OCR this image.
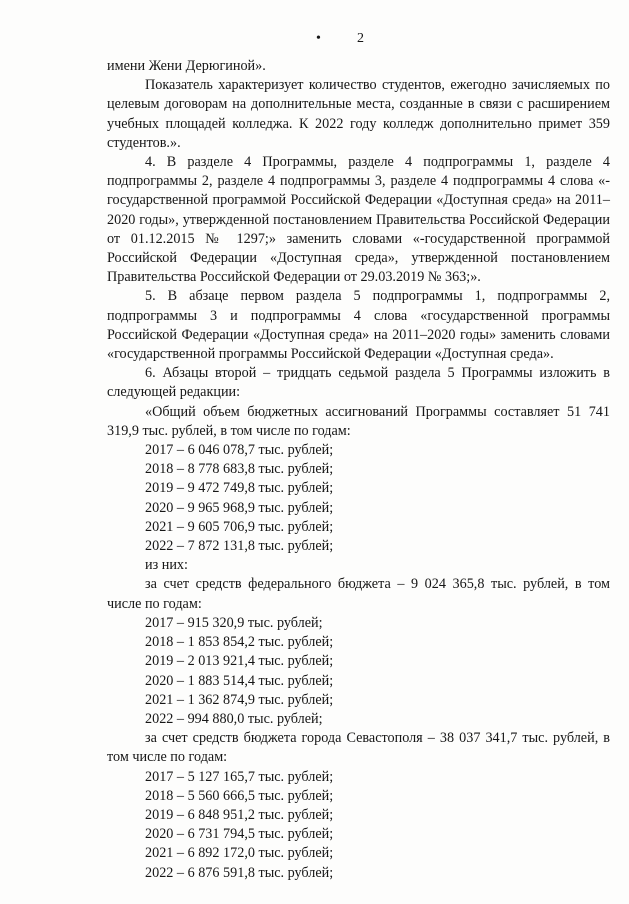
•	2

имени Жени Дерюгиной».

Показатель характеризует количество студентов, ежегодно зачисляемых по целевым договорам на дополнительные места, созданные в связи с расширением учебных площадей колледжа. К 2022 году колледж дополнительно примет 359 студентов.».

4. В разделе 4 Программы, разделе 4 подпрограммы 1, разделе 4 подпрограммы 2, разделе 4 подпрограммы 3, разделе 4 подпрограммы 4 слова «- государственной программой Российской Федерации «Доступная среда» на 2011–2020 годы», утвержденной постановлением Правительства Российской Федерации от 01.12.2015 № 1297;» заменить словами «-государственной программой Российской Федерации «Доступная среда», утвержденной постановлением Правительства Российской Федерации от 29.03.2019 № 363;».

5. В абзаце первом раздела 5 подпрограммы 1, подпрограммы 2, подпрограммы 3 и подпрограммы 4 слова «государственной программы Российской Федерации «Доступная среда» на 2011–2020 годы» заменить словами «государственной программы Российской Федерации «Доступная среда».

6. Абзацы второй – тридцать седьмой раздела 5 Программы изложить в следующей редакции:

«Общий объем бюджетных ассигнований Программы составляет 51 741 319,9 тыс. рублей, в том числе по годам:

2017 – 6 046 078,7 тыс. рублей;

2018 – 8 778 683,8 тыс. рублей;

2019 – 9 472 749,8 тыс. рублей;

2020 – 9 965 968,9 тыс. рублей;

2021 – 9 605 706,9 тыс. рублей;

2022 – 7 872 131,8 тыс. рублей;

из них:

за счет средств федерального бюджета – 9 024 365,8 тыс. рублей, в том числе по годам:

2017 – 915 320,9 тыс. рублей;

2018 – 1 853 854,2 тыс. рублей;

2019 – 2 013 921,4 тыс. рублей;

2020 – 1 883 514,4 тыс. рублей;

2021 – 1 362 874,9 тыс. рублей;

2022 – 994 880,0 тыс. рублей;

за счет средств бюджета города Севастополя – 38 037 341,7 тыс. рублей, в том числе по годам:

2017 – 5 127 165,7 тыс. рублей;

2018 – 5 560 666,5 тыс. рублей;

2019 – 6 848 951,2 тыс. рублей;

2020 – 6 731 794,5 тыс. рублей;

2021 – 6 892 172,0 тыс. рублей;

2022 – 6 876 591,8 тыс. рублей;
